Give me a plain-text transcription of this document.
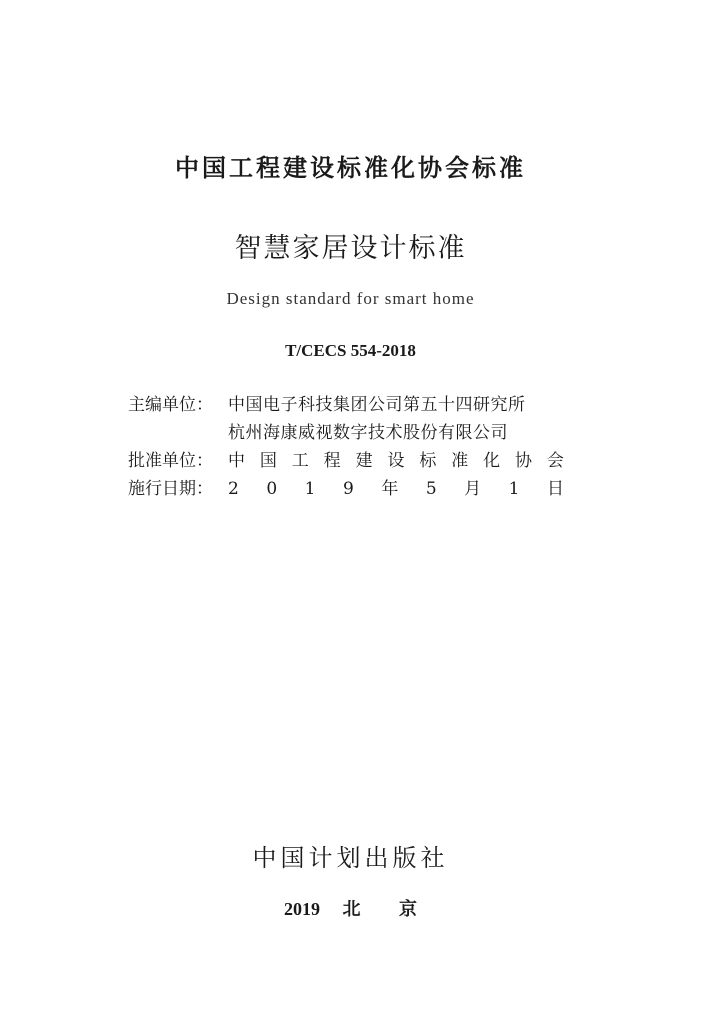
中国工程建设标准化协会标准
智慧家居设计标准
Design standard for smart home
T/CECS 554-2018
主编单位： 中国电子科技集团公司第五十四研究所
杭州海康威视数字技术股份有限公司
批准单位： 中 国 工 程 建 设 标 准 化 协 会
施行日期： 2 0 1 9 年 5 月 1 日
中国计划出版社
2019 北 京
